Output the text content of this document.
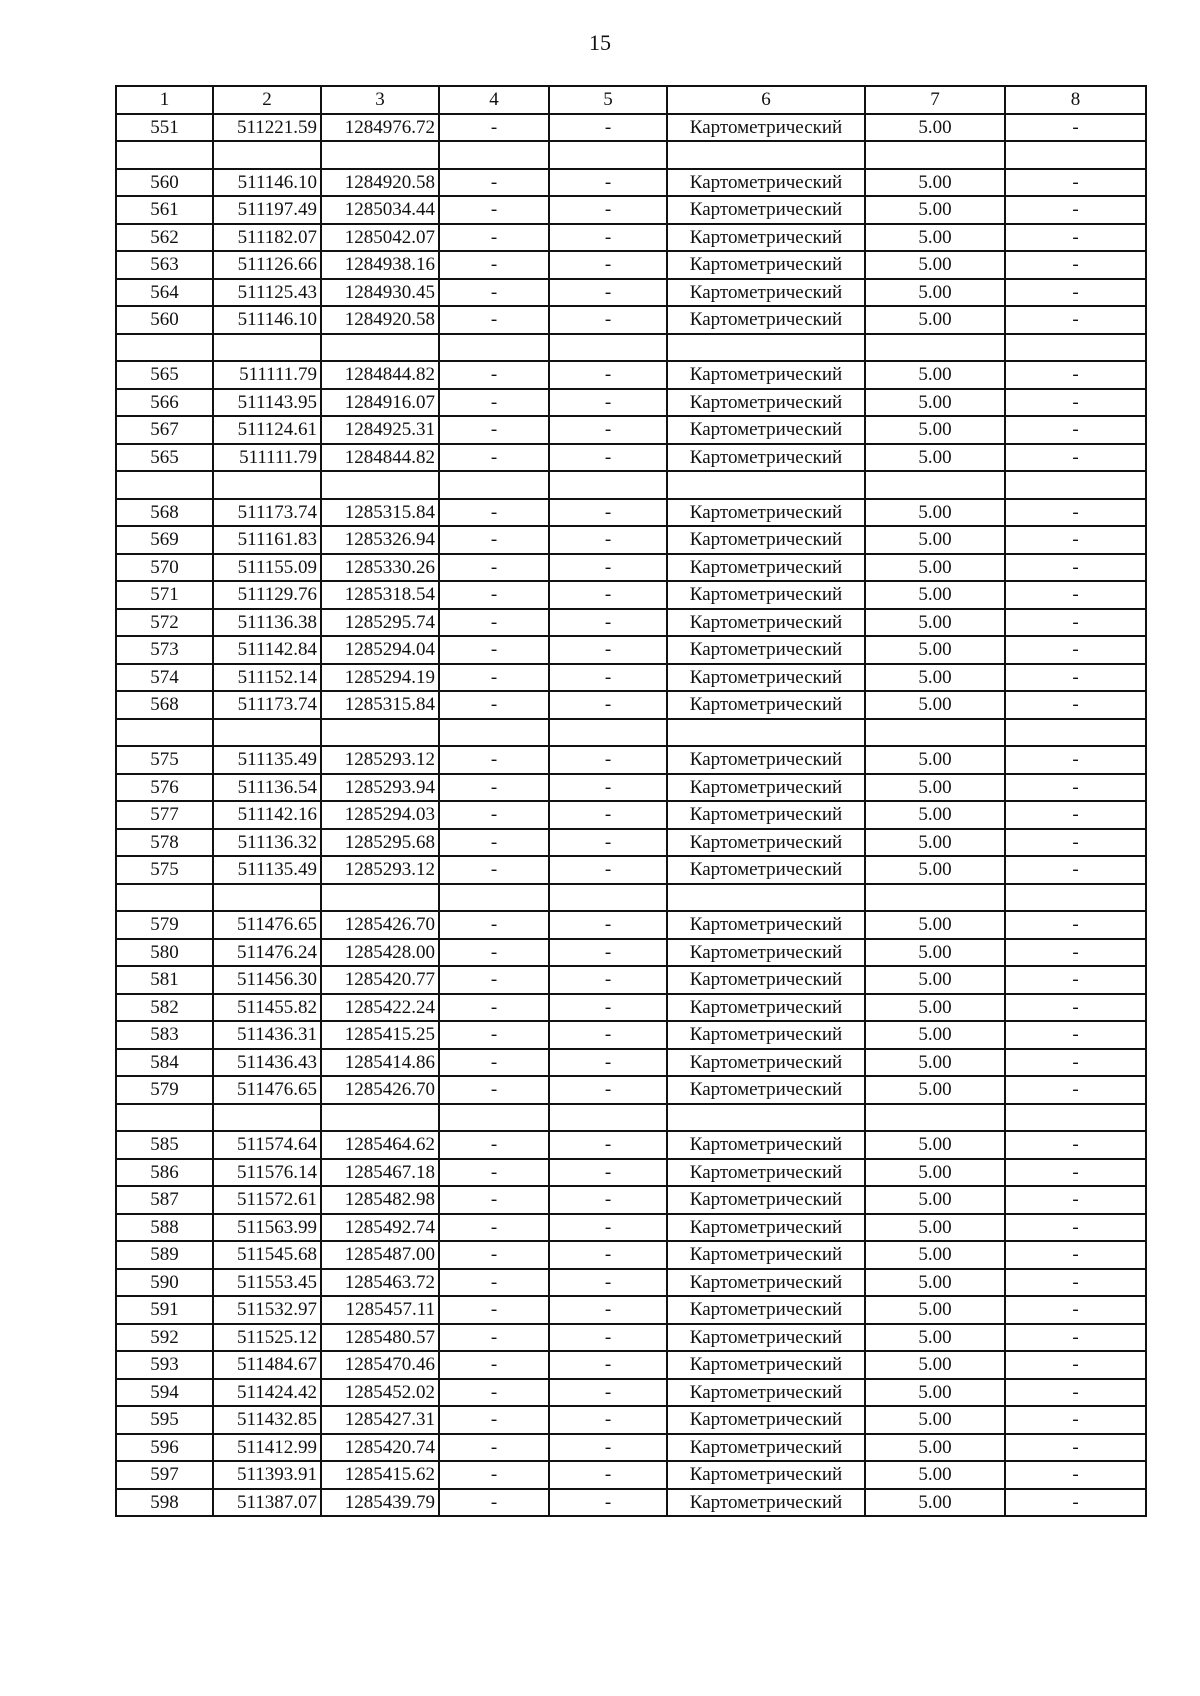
15
1	2	3	4	5	6	7	8
551	511221.59	1284976.72	-	-	Картометрический	5.00	-

560	511146.10	1284920.58	-	-	Картометрический	5.00	-
561	511197.49	1285034.44	-	-	Картометрический	5.00	-
562	511182.07	1285042.07	-	-	Картометрический	5.00	-
563	511126.66	1284938.16	-	-	Картометрический	5.00	-
564	511125.43	1284930.45	-	-	Картометрический	5.00	-
560	511146.10	1284920.58	-	-	Картометрический	5.00	-

565	511111.79	1284844.82	-	-	Картометрический	5.00	-
566	511143.95	1284916.07	-	-	Картометрический	5.00	-
567	511124.61	1284925.31	-	-	Картометрический	5.00	-
565	511111.79	1284844.82	-	-	Картометрический	5.00	-

568	511173.74	1285315.84	-	-	Картометрический	5.00	-
569	511161.83	1285326.94	-	-	Картометрический	5.00	-
570	511155.09	1285330.26	-	-	Картометрический	5.00	-
571	511129.76	1285318.54	-	-	Картометрический	5.00	-
572	511136.38	1285295.74	-	-	Картометрический	5.00	-
573	511142.84	1285294.04	-	-	Картометрический	5.00	-
574	511152.14	1285294.19	-	-	Картометрический	5.00	-
568	511173.74	1285315.84	-	-	Картометрический	5.00	-

575	511135.49	1285293.12	-	-	Картометрический	5.00	-
576	511136.54	1285293.94	-	-	Картометрический	5.00	-
577	511142.16	1285294.03	-	-	Картометрический	5.00	-
578	511136.32	1285295.68	-	-	Картометрический	5.00	-
575	511135.49	1285293.12	-	-	Картометрический	5.00	-

579	511476.65	1285426.70	-	-	Картометрический	5.00	-
580	511476.24	1285428.00	-	-	Картометрический	5.00	-
581	511456.30	1285420.77	-	-	Картометрический	5.00	-
582	511455.82	1285422.24	-	-	Картометрический	5.00	-
583	511436.31	1285415.25	-	-	Картометрический	5.00	-
584	511436.43	1285414.86	-	-	Картометрический	5.00	-
579	511476.65	1285426.70	-	-	Картометрический	5.00	-

585	511574.64	1285464.62	-	-	Картометрический	5.00	-
586	511576.14	1285467.18	-	-	Картометрический	5.00	-
587	511572.61	1285482.98	-	-	Картометрический	5.00	-
588	511563.99	1285492.74	-	-	Картометрический	5.00	-
589	511545.68	1285487.00	-	-	Картометрический	5.00	-
590	511553.45	1285463.72	-	-	Картометрический	5.00	-
591	511532.97	1285457.11	-	-	Картометрический	5.00	-
592	511525.12	1285480.57	-	-	Картометрический	5.00	-
593	511484.67	1285470.46	-	-	Картометрический	5.00	-
594	511424.42	1285452.02	-	-	Картометрический	5.00	-
595	511432.85	1285427.31	-	-	Картометрический	5.00	-
596	511412.99	1285420.74	-	-	Картометрический	5.00	-
597	511393.91	1285415.62	-	-	Картометрический	5.00	-
598	511387.07	1285439.79	-	-	Картометрический	5.00	-
